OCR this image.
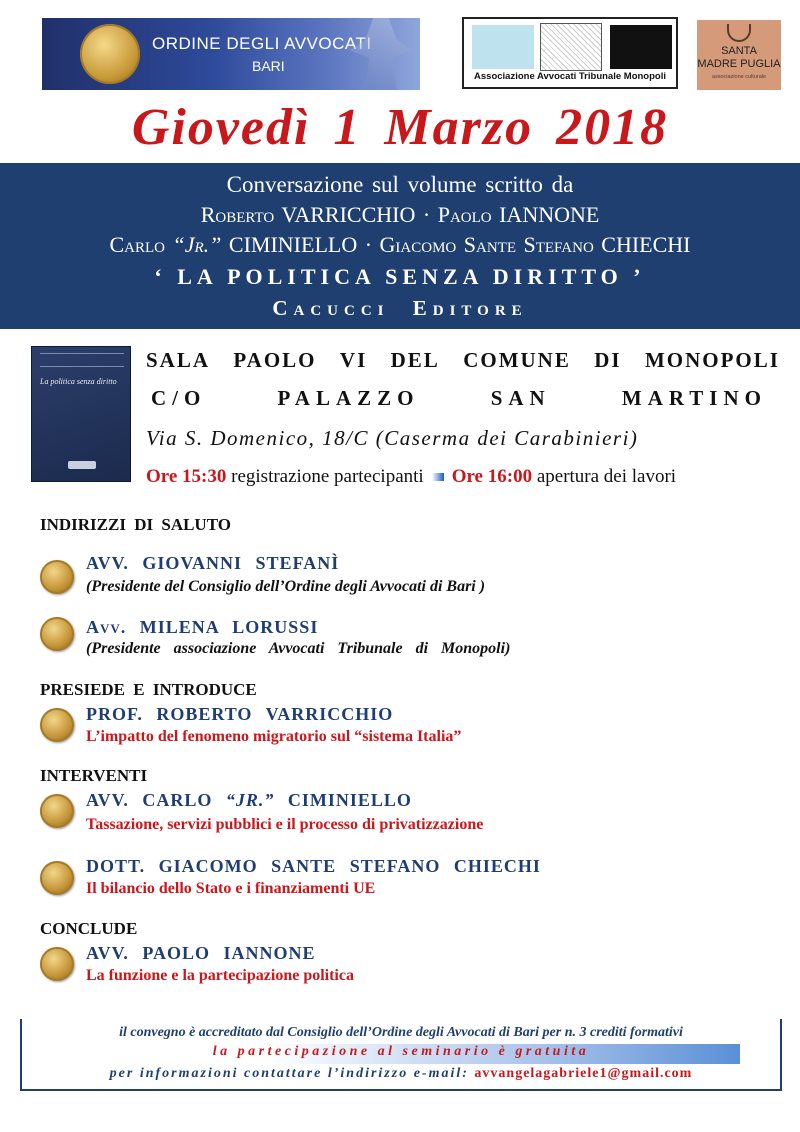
ORDINE DEGLI AVVOCATI
BARI
Associazione Avvocati Tribunale Monopoli
SANTA
MADRE PUGLIA
associazione culturale
Giovedì 1 Marzo 2018
Conversazione sul volume scritto da
Roberto VARRICCHIO · Paolo IANNONE
Carlo “Jr.” CIMINIELLO · Giacomo Sante Stefano CHIECHI
‘ LA POLITICA SENZA DIRITTO ’
Cacucci Editore
La politica senza diritto
SALA PAOLO VI DEL COMUNE DI MONOPOLI
C/O	PALAZZO	SAN	MARTINO
Via S. Domenico, 18/C (Caserma dei Carabinieri)
Ore 15:30 registrazione partecipanti Ore 16:00 apertura dei lavori
INDIRIZZI DI SALUTO
AVV. GIOVANNI STEFANÌ
(Presidente del Consiglio dell’Ordine degli Avvocati di Bari )
Avv. MILENA LORUSSI
(Presidente associazione Avvocati Tribunale di Monopoli)
PRESIEDE E INTRODUCE
PROF. ROBERTO VARRICCHIO
L’impatto del fenomeno migratorio sul “sistema Italia”
INTERVENTI
AVV. CARLO “JR.” CIMINIELLO
Tassazione, servizi pubblici e il processo di privatizzazione
DOTT. GIACOMO SANTE STEFANO CHIECHI
Il bilancio dello Stato e i finanziamenti UE
CONCLUDE
AVV. PAOLO IANNONE
La funzione e la partecipazione politica
il convegno è accreditato dal Consiglio dell’Ordine degli Avvocati di Bari per n. 3 crediti formativi
la partecipazione al seminario è gratuita
per informazioni contattare l’indirizzo e-mail: avvangelagabriele1@gmail.com
